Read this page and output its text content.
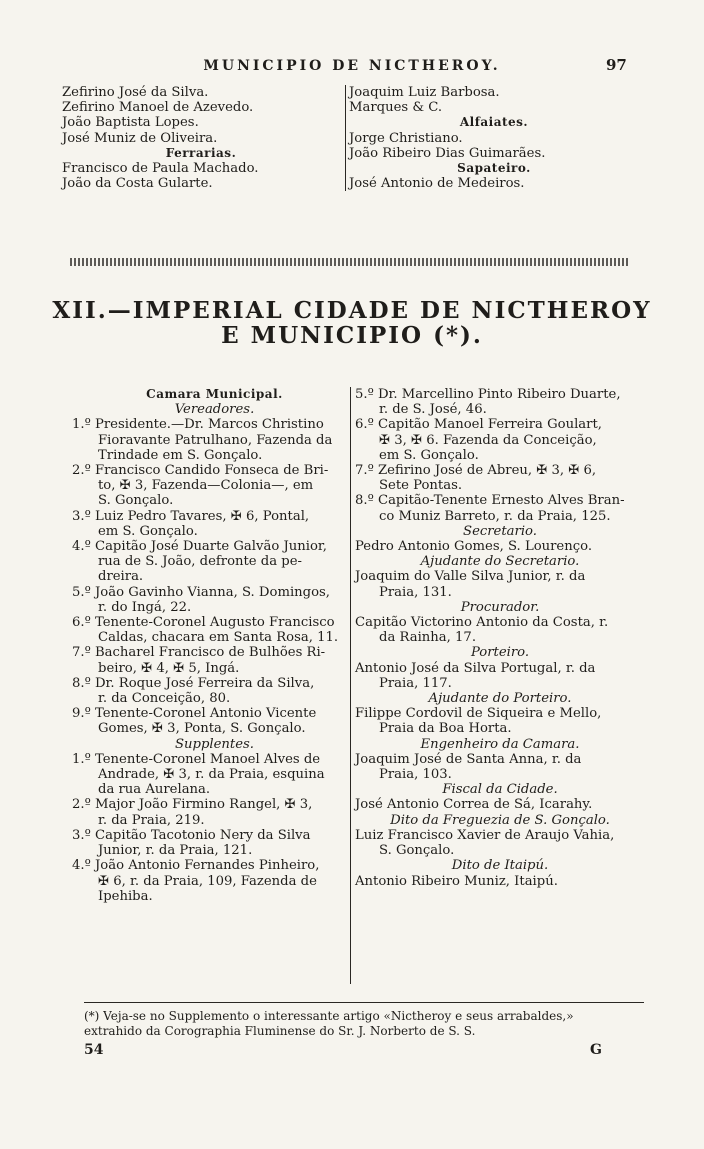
MUNICIPIO DE NICTHEROY.	97
Zefirino José da Silva.
Zefirino Manoel de Azevedo.
João Baptista Lopes.
José Muniz de Oliveira.
Ferrarias.
Francisco de Paula Machado.
João da Costa Gularte.
Joaquim Luiz Barbosa.
Marques & C.
Alfaiates.
Jorge Christiano.
João Ribeiro Dias Guimarães.
Sapateiro.
José Antonio de Medeiros.
XII.—IMPERIAL CIDADE DE NICTHEROY
E MUNICIPIO (*).
Camara Municipal.
Vereadores.
1.º Presidente.—Dr. Marcos Christino
Fioravante Patrulhano, Fazenda da
Trindade em S. Gonçalo.
2.º Francisco Candido Fonseca de Bri-
to, ✠ 3, Fazenda—Colonia—, em
S. Gonçalo.
3.º Luiz Pedro Tavares, ✠ 6, Pontal,
em S. Gonçalo.
4.º Capitão José Duarte Galvão Junior,
rua de S. João, defronte da pe-
dreira.
5.º João Gavinho Vianna, S. Domingos,
r. do Ingá, 22.
6.º Tenente-Coronel Augusto Francisco
Caldas, chacara em Santa Rosa, 11.
7.º Bacharel Francisco de Bulhões Ri-
beiro, ✠ 4, ✠ 5, Ingá.
8.º Dr. Roque José Ferreira da Silva,
r. da Conceição, 80.
9.º Tenente-Coronel Antonio Vicente
Gomes, ✠ 3, Ponta, S. Gonçalo.
Supplentes.
1.º Tenente-Coronel Manoel Alves de
Andrade, ✠ 3, r. da Praia, esquina
da rua Aurelana.
2.º Major João Firmino Rangel, ✠ 3,
r. da Praia, 219.
3.º Capitão Tacotonio Nery da Silva
Junior, r. da Praia, 121.
4.º João Antonio Fernandes Pinheiro,
✠ 6, r. da Praia, 109, Fazenda de
Ipehiba.
5.º Dr. Marcellino Pinto Ribeiro Duarte,
r. de S. José, 46.
6.º Capitão Manoel Ferreira Goulart,
✠ 3, ✠ 6. Fazenda da Conceição,
em S. Gonçalo.
7.º Zefirino José de Abreu, ✠ 3, ✠ 6,
Sete Pontas.
8.º Capitão-Tenente Ernesto Alves Bran-
co Muniz Barreto, r. da Praia, 125.
Secretario.
Pedro Antonio Gomes, S. Lourenço.
Ajudante do Secretario.
Joaquim do Valle Silva Junior, r. da
Praia, 131.
Procurador.
Capitão Victorino Antonio da Costa, r.
da Rainha, 17.
Porteiro.
Antonio José da Silva Portugal, r. da
Praia, 117.
Ajudante do Porteiro.
Filippe Cordovil de Siqueira e Mello,
Praia da Boa Horta.
Engenheiro da Camara.
Joaquim José de Santa Anna, r. da
Praia, 103.
Fiscal da Cidade.
José Antonio Correa de Sá, Icarahy.
Dito da Freguezia de S. Gonçalo.
Luiz Francisco Xavier de Araujo Vahia,
S. Gonçalo.
Dito de Itaipú.
Antonio Ribeiro Muniz, Itaipú.
(*) Veja-se no Supplemento o interessante artigo «Nictheroy e seus arrabaldes,»
extrahido da Corographia Fluminense do Sr. J. Norberto de S. S.
54	G
